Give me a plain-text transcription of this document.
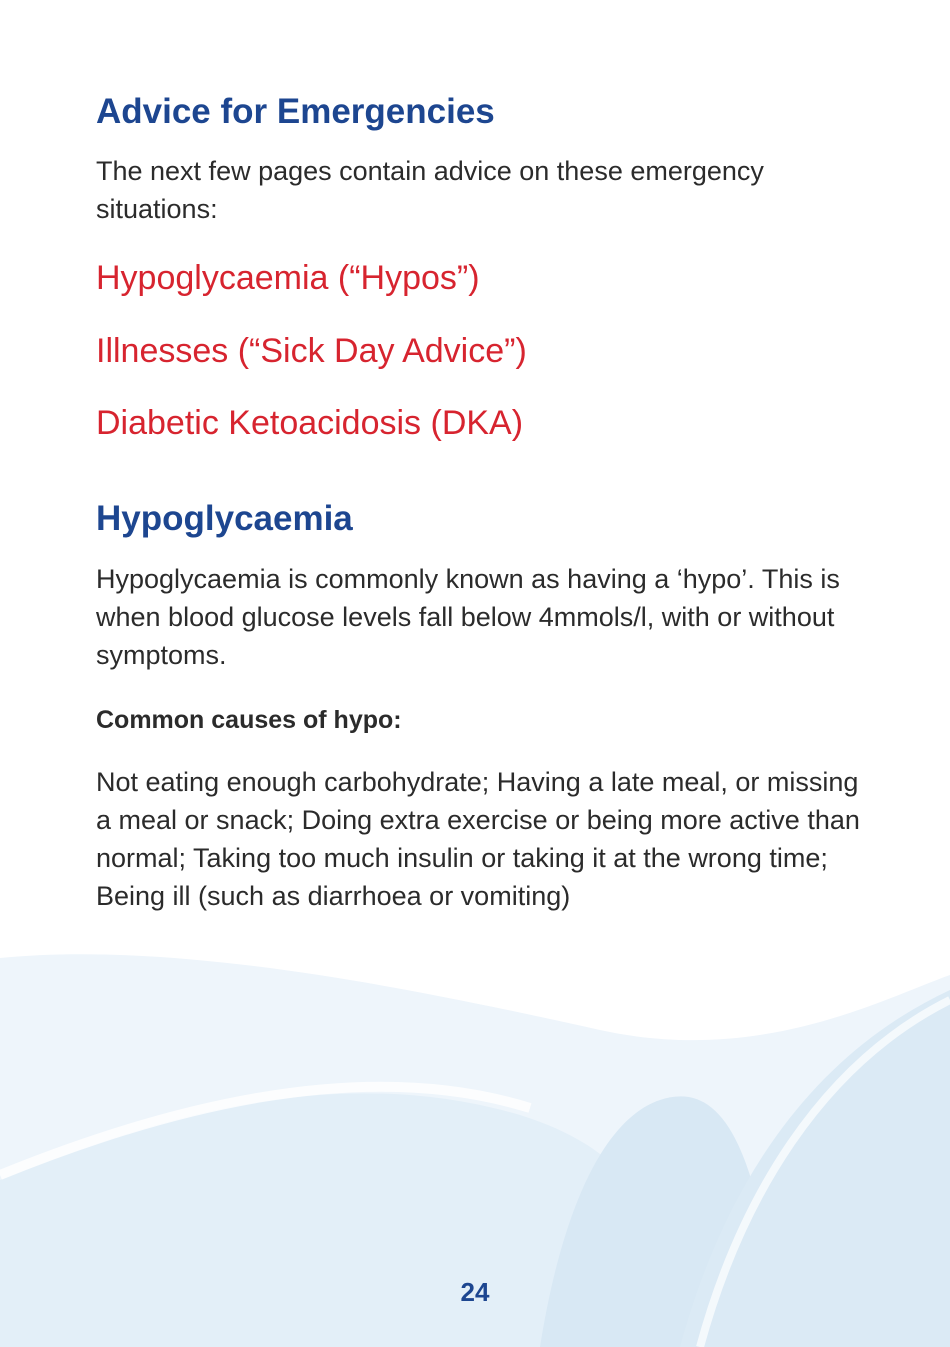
Advice for Emergencies

The next few pages contain advice on these emergency situations:

Hypoglycaemia (“Hypos”)
Illnesses (“Sick Day Advice”)
Diabetic Ketoacidosis (DKA)
Hypoglycaemia

Hypoglycaemia is commonly known as having a ‘hypo’. This is when blood glucose levels fall below 4mmols/l, with or without symptoms.

Common causes of hypo:

Not eating enough carbohydrate; Having a late meal, or missing a meal or snack; Doing extra exercise or being more active than normal; Taking too much insulin or taking it at the wrong time; Being ill (such as diarrhoea or vomiting)

24
